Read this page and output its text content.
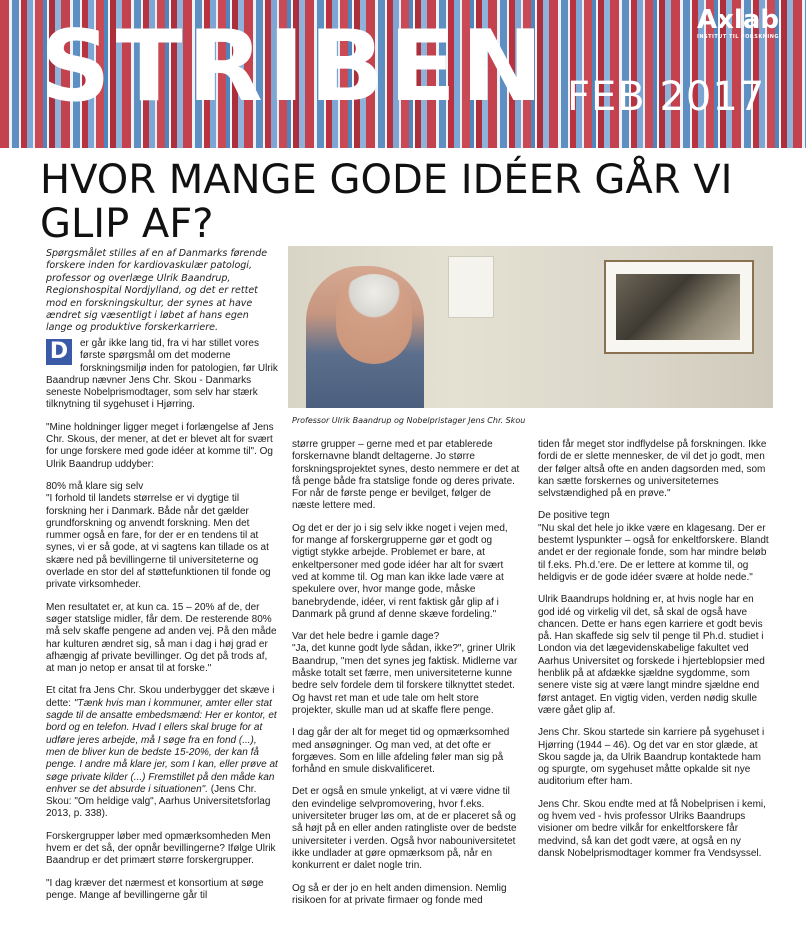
STRIBEN FEB 2017
Axlab
INSTITUT TIL FORSKNING
HVOR MANGE GODE IDÉER GÅR VI GLIP AF?

Spørgsmålet stilles af en af Danmarks førende forskere inden for kardiovaskulær patologi, professor og overlæge Ulrik Baandrup, Regionshospital Nordjylland, og det er rettet mod en forskningskultur, der synes at have ændret sig væsentligt i løbet af hans egen lange og produktive forskerkarriere.

Professor Ulrik Baandrup og Nobelpristager Jens Chr. Skou

D	er går ikke lang tid, fra vi har stillet vores første spørgsmål om det moderne forskningsmiljø inden for patologien, før Ulrik Baandrup nævner Jens Chr. Skou - Danmarks seneste Nobelprismodtager, som selv har stærk tilknytning til sygehuset i Hjørring.

"Mine holdninger ligger meget i forlængelse af Jens Chr. Skous, der mener, at det er blevet alt for svært for unge forskere med gode idéer at komme til". Og Ulrik Baandrup uddyber:

80% må klare sig selv

"I forhold til landets størrelse er vi dygtige til forskning her i Danmark. Både når det gælder grundforskning og anvendt forskning. Men det rummer også en fare, for der er en tendens til at synes, vi er så gode, at vi sagtens kan tillade os at skære ned på bevillingerne til universiteterne og overlade en stor del af støttefunktionen til fonde og private virksomheder.

Men resultatet er, at kun ca. 15 – 20% af de, der søger statslige midler, får dem. De resterende 80% må selv skaffe pengene ad anden vej. På den måde har kulturen ændret sig, så man i dag i høj grad er afhængig af private bevillinger. Og det på trods af, at man jo netop er ansat til at forske."

Et citat fra Jens Chr. Skou underbygger det skæve i dette: "Tænk hvis man i kommuner, amter eller stat sagde til de ansatte embedsmænd: Her er kontor, et bord og en telefon. Hvad I ellers skal bruge for at udføre jeres arbejde, må I søge fra en fond (...), men de bliver kun de bedste 15-20%, der kan få penge. I andre må klare jer, som I kan, eller prøve at søge private kilder (...) Fremstillet på den måde kan enhver se det absurde i situationen". (Jens Chr. Skou: "Om heldige valg", Aarhus Universitetsforlag 2013, p. 338).

Forskergrupper løber med opmærksomheden Men hvem er det så, der opnår bevillingerne? Ifølge Ulrik Baandrup er det primært større forskergrupper.

"I dag kræver det nærmest et konsortium at søge penge. Mange af bevillingerne går til

større grupper – gerne med et par etablerede forskernavne blandt deltagerne. Jo større forskningsprojektet synes, desto nemmere er det at få penge både fra statslige fonde og deres private. For når de første penge er bevilget, følger de næste lettere med.

Og det er der jo i sig selv ikke noget i vejen med, for mange af forskergrupperne gør et godt og vigtigt stykke arbejde. Problemet er bare, at enkeltpersoner med gode idéer har alt for svært ved at komme til. Og man kan ikke lade være at spekulere over, hvor mange gode, måske banebrydende, idéer, vi rent faktisk går glip af i Danmark på grund af denne skæve fordeling."

Var det hele bedre i gamle dage?

"Ja, det kunne godt lyde sådan, ikke?", griner Ulrik Baandrup, "men det synes jeg faktisk. Midlerne var måske totalt set færre, men universiteterne kunne bedre selv fordele dem til forskere tilknyttet stedet. Og havst ret man et ude tale om helt store projekter, skulle man ud at skaffe flere penge.

I dag går der alt for meget tid og opmærksomhed med ansøgninger. Og man ved, at det ofte er forgæves. Som en lille afdeling føler man sig på forhånd en smule diskvalificeret.

Det er også en smule ynkeligt, at vi være vidne til den evindelige selvpromovering, hvor f.eks. universiteter bruger løs om, at de er placeret så og så højt på en eller anden ratingliste over de bedste universiteter i verden. Også hvor nabouniversitetet ikke undlader at gøre opmærksom på, når en konkurrent er dalet nogle trin.

Og så er der jo en helt anden dimension. Nemlig risikoen for at private firmaer og fonde med

tiden får meget stor indflydelse på forskningen. Ikke fordi de er slette mennesker, de vil det jo godt, men der følger altså ofte en anden dagsorden med, som kan sætte forskernes og universiteternes selvstændighed på en prøve."

De positive tegn

"Nu skal det hele jo ikke være en klagesang. Der er bestemt lyspunkter – også for enkeltforskere. Blandt andet er der regionale fonde, som har mindre beløb til f.eks. Ph.d.'ere. De er lettere at komme til, og heldigvis er de gode idéer svære at holde nede."

Ulrik Baandrups holdning er, at hvis nogle har en god idé og virkelig vil det, så skal de også have chancen. Dette er hans egen karriere et godt bevis på. Han skaffede sig selv til penge til Ph.d. studiet i London via det lægevidenskabelige fakultet ved Aarhus Universitet og forskede i hjerteblopsier med henblik på at afdække sjældne sygdomme, som senere viste sig at være langt mindre sjældne end først antaget. En vigtig viden, verden nødig skulle være gået glip af.

Jens Chr. Skou startede sin karriere på sygehuset i Hjørring (1944 – 46). Og det var en stor glæde, at Skou sagde ja, da Ulrik Baandrup kontaktede ham og spurgte, om sygehuset måtte opkalde sit nye auditorium efter ham.

Jens Chr. Skou endte med at få Nobelprisen i kemi, og hvem ved - hvis professor Ulriks Baandrups visioner om bedre vilkår for enkeltforskere får medvind, så kan det godt være, at også en ny dansk Nobelprismodtager kommer fra Vendsyssel.
